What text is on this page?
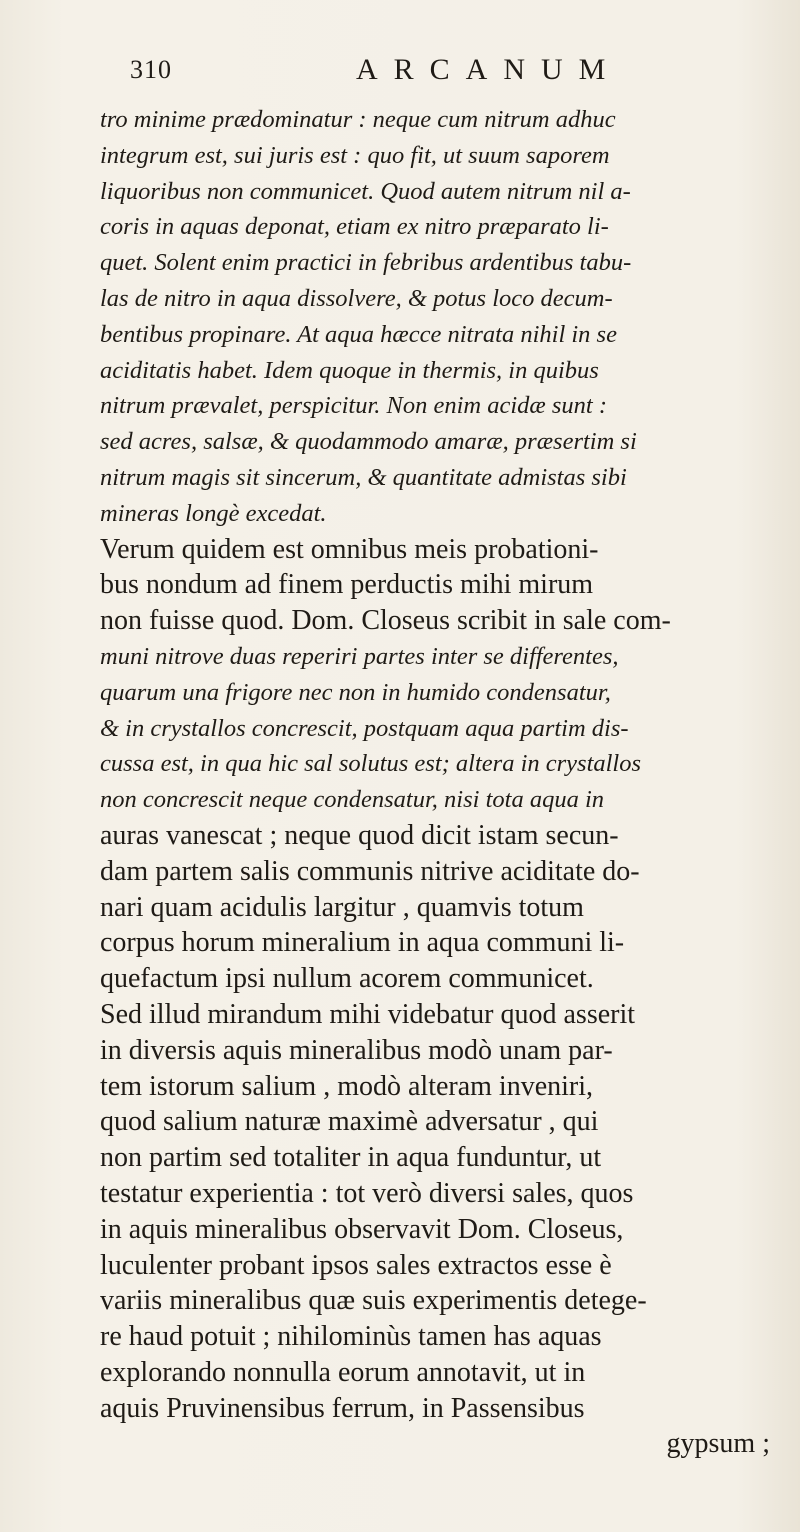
310	ARCANUM
tro minime prædominatur : neque cum nitrum adhuc
integrum est, sui juris est : quo fit, ut suum saporem
liquoribus non communicet. Quod autem nitrum nil a-
coris in aquas deponat, etiam ex nitro præparato li-
quet. Solent enim practici in febribus ardentibus tabu-
las de nitro in aqua dissolvere, & potus loco decum-
bentibus propinare. At aqua hæcce nitrata nihil in se
aciditatis habet. Idem quoque in thermis, in quibus
nitrum prævalet, perspicitur. Non enim acidæ sunt :
sed acres, salsæ, & quodammodo amaræ, præsertim si
nitrum magis sit sincerum, & quantitate admistas sibi
mineras longè excedat.
Verum quidem est omnibus meis probationi-
bus nondum ad finem perductis mihi mirum
non fuisse quod. Dom. Closeus scribit in sale com-
muni nitrove duas reperiri partes inter se differentes,
quarum una frigore nec non in humido condensatur,
& in crystallos concrescit, postquam aqua partim dis-
cussa est, in qua hic sal solutus est; altera in crystallos
non concrescit neque condensatur, nisi tota aqua in
auras vanescat ; neque quod dicit istam secun-
dam partem salis communis nitrive aciditate do-
nari quam acidulis largitur , quamvis totum
corpus horum mineralium in aqua communi li-
quefactum ipsi nullum acorem communicet.
Sed illud mirandum mihi videbatur quod asserit
in diversis aquis mineralibus modò unam par-
tem istorum salium , modò alteram inveniri,
quod salium naturæ maximè adversatur , qui
non partim sed totaliter in aqua funduntur, ut
testatur experientia : tot verò diversi sales, quos
in aquis mineralibus observavit Dom. Closeus,
luculenter probant ipsos sales extractos esse è
variis mineralibus quæ suis experimentis detege-
re haud potuit ; nihilominùs tamen has aquas
explorando nonnulla eorum annotavit, ut in
aquis Pruvinensibus ferrum, in Passensibus
gypsum ;
